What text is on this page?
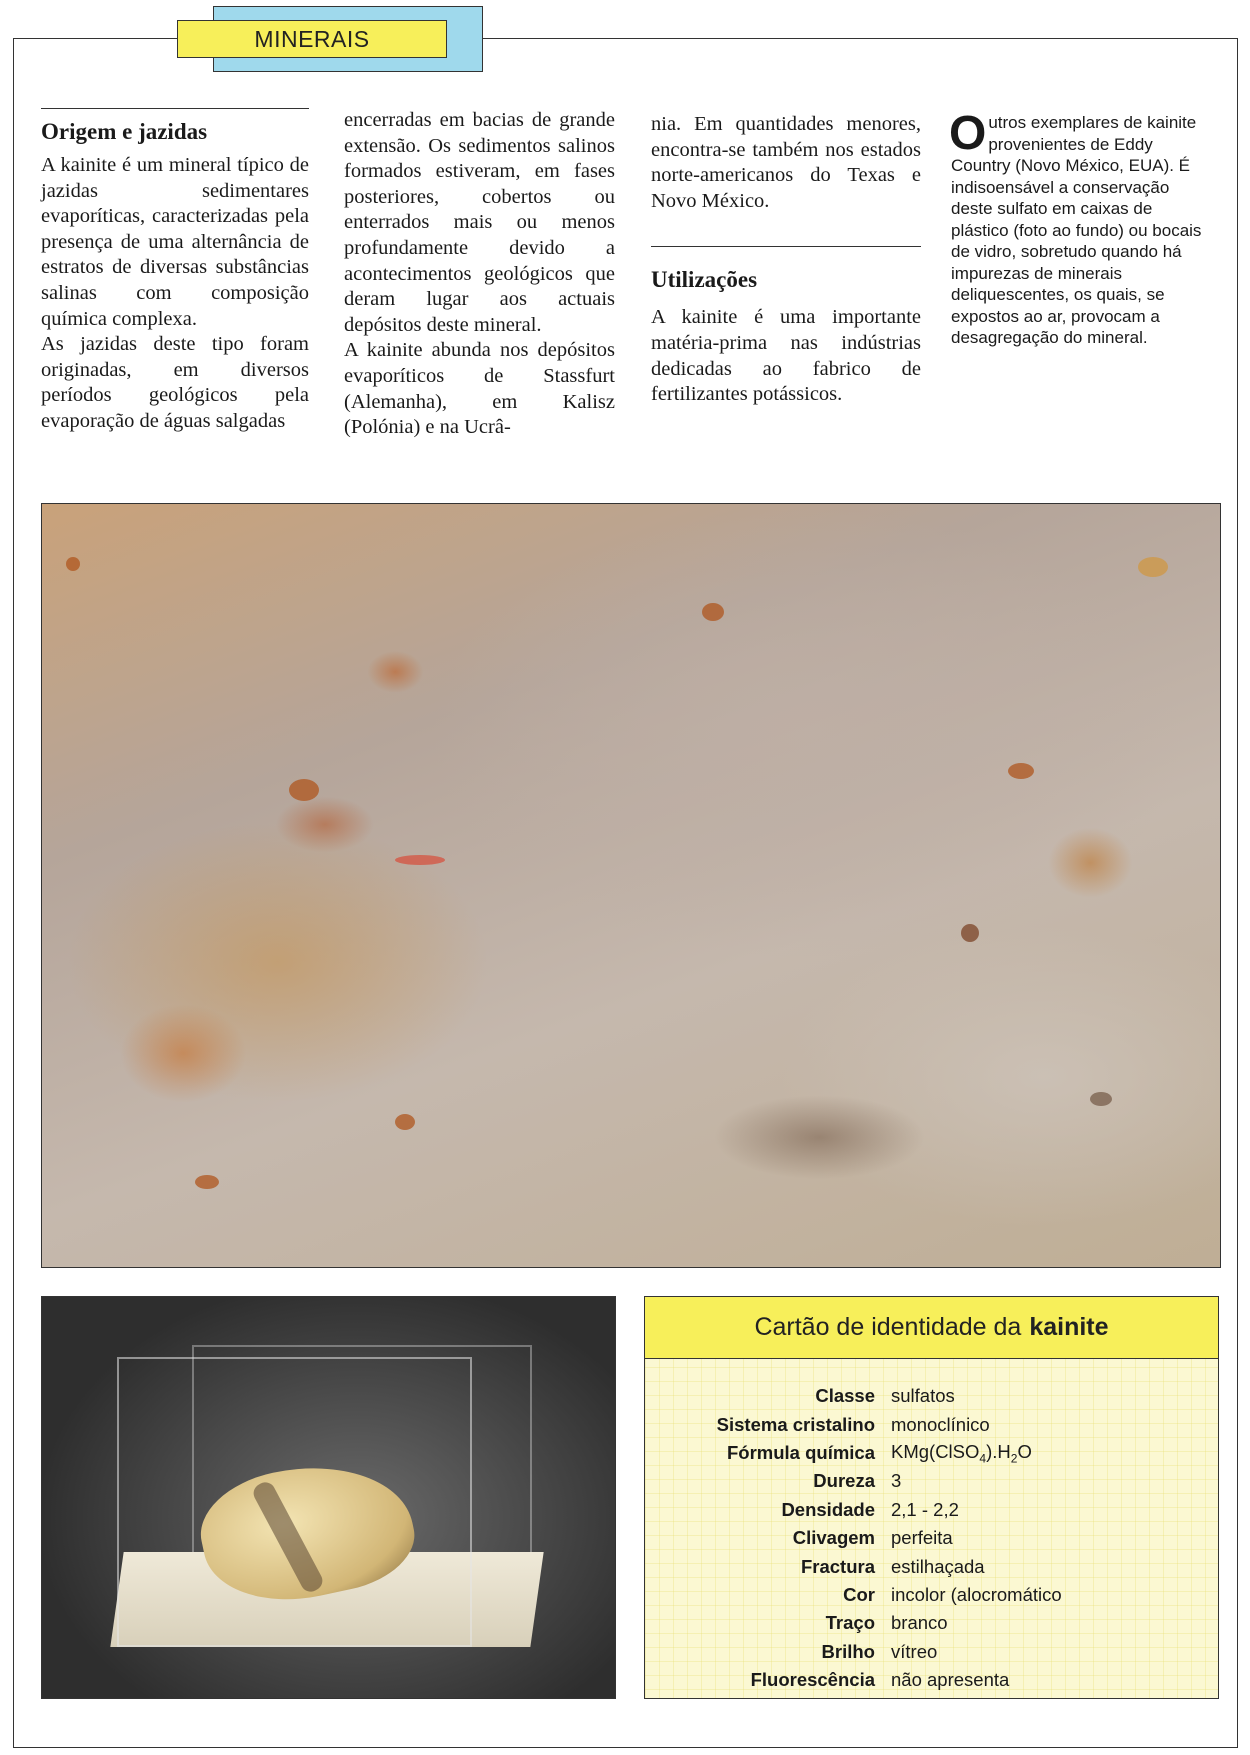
MINERAIS
Origem e jazidas

A kainite é um mineral típico de jazidas sedimentares evaporíticas, caracterizadas pela presença de uma alternância de estratos de diversas substâncias salinas com composição química complexa.

As jazidas deste tipo foram originadas, em diversos períodos geológicos pela evaporação de águas salgadas

encerradas em bacias de grande extensão. Os sedimentos salinos formados estiveram, em fases posteriores, cobertos ou enterrados mais ou menos profundamente devido a acontecimentos geológicos que deram lugar aos actuais depósitos deste mineral.

A kainite abunda nos depósitos evaporíticos de Stassfurt (Alemanha), em Kalisz (Polónia) e na Ucrâ-

nia. Em quantidades menores, encontra-se também nos estados norte-americanos do Texas e Novo México.

Utilizações

A kainite é uma importante matéria-prima nas indústrias dedicadas ao fabrico de fertilizantes potássicos.

O utros exemplares de kainite provenientes de Eddy Country (Novo México, EUA). É indisoensável a conservação deste sulfato em caixas de plástico (foto ao fundo) ou bocais de vidro, sobretudo quando há impurezas de minerais deliquescentes, os quais, se expostos ao ar, provocam a desagregação do mineral.
Cartão de identidade da kainite
Classe sulfatos
Sistema cristalino monoclínico
Fórmula química $KMg(ClSO_4).H_2O$
Dureza 3
Densidade 2,1 - 2,2
Clivagem perfeita
Fractura estilhaçada
Cor incolor (alocromático
Traço branco
Brilho vítreo
Fluorescência não apresenta
